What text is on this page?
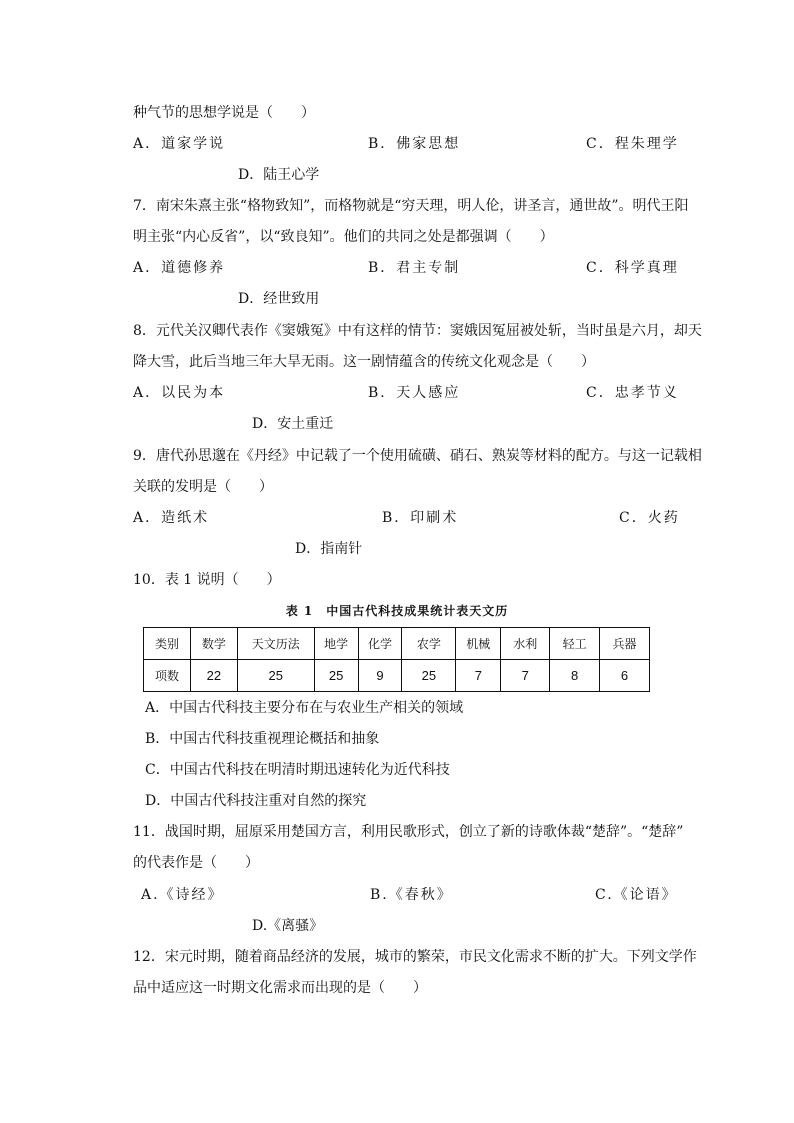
种气节的思想学说是（　　）
A．道家学说	B．佛家思想	C．程朱理学
D．陆王心学
7．南宋朱熹主张“格物致知”，而格物就是“穷天理，明人伦，讲圣言，通世故”。明代王阳
明主张“内心反省”，以“致良知”。他们的共同之处是都强调（　　）
A．道德修养	B．君主专制	C．科学真理
D．经世致用
8．元代关汉卿代表作《窦娥冤》中有这样的情节：窦娥因冤屈被处斩，当时虽是六月，却天
降大雪，此后当地三年大旱无雨。这一剧情蕴含的传统文化观念是（　　）
A．以民为本	B．天人感应	C．忠孝节义
D．安土重迁
9．唐代孙思邈在《丹经》中记载了一个使用硫磺、硝石、熟炭等材料的配方。与这一记载相
关联的发明是（　　）
A．造纸术	B．印刷术	C．火药
D．指南针
10．表 1 说明（　　）
表 1　中国古代科技成果统计表天文历
类别	数学	天文历法	地学	化学	农学	机械	水利	轻工	兵器
项数	22	25	25	9	25	7	7	8	6
A．中国古代科技主要分布在与农业生产相关的领域
B．中国古代科技重视理论概括和抽象
C．中国古代科技在明清时期迅速转化为近代科技
D．中国古代科技注重对自然的探究
11．战国时期，屈原采用楚国方言，利用民歌形式，创立了新的诗歌体裁“楚辞”。“楚辞”
的代表作是（　　）
A.《诗经》	B.《春秋》	C.《论语》
D.《离骚》
12．宋元时期，随着商品经济的发展，城市的繁荣，市民文化需求不断的扩大。下列文学作
品中适应这一时期文化需求而出现的是（　　）
